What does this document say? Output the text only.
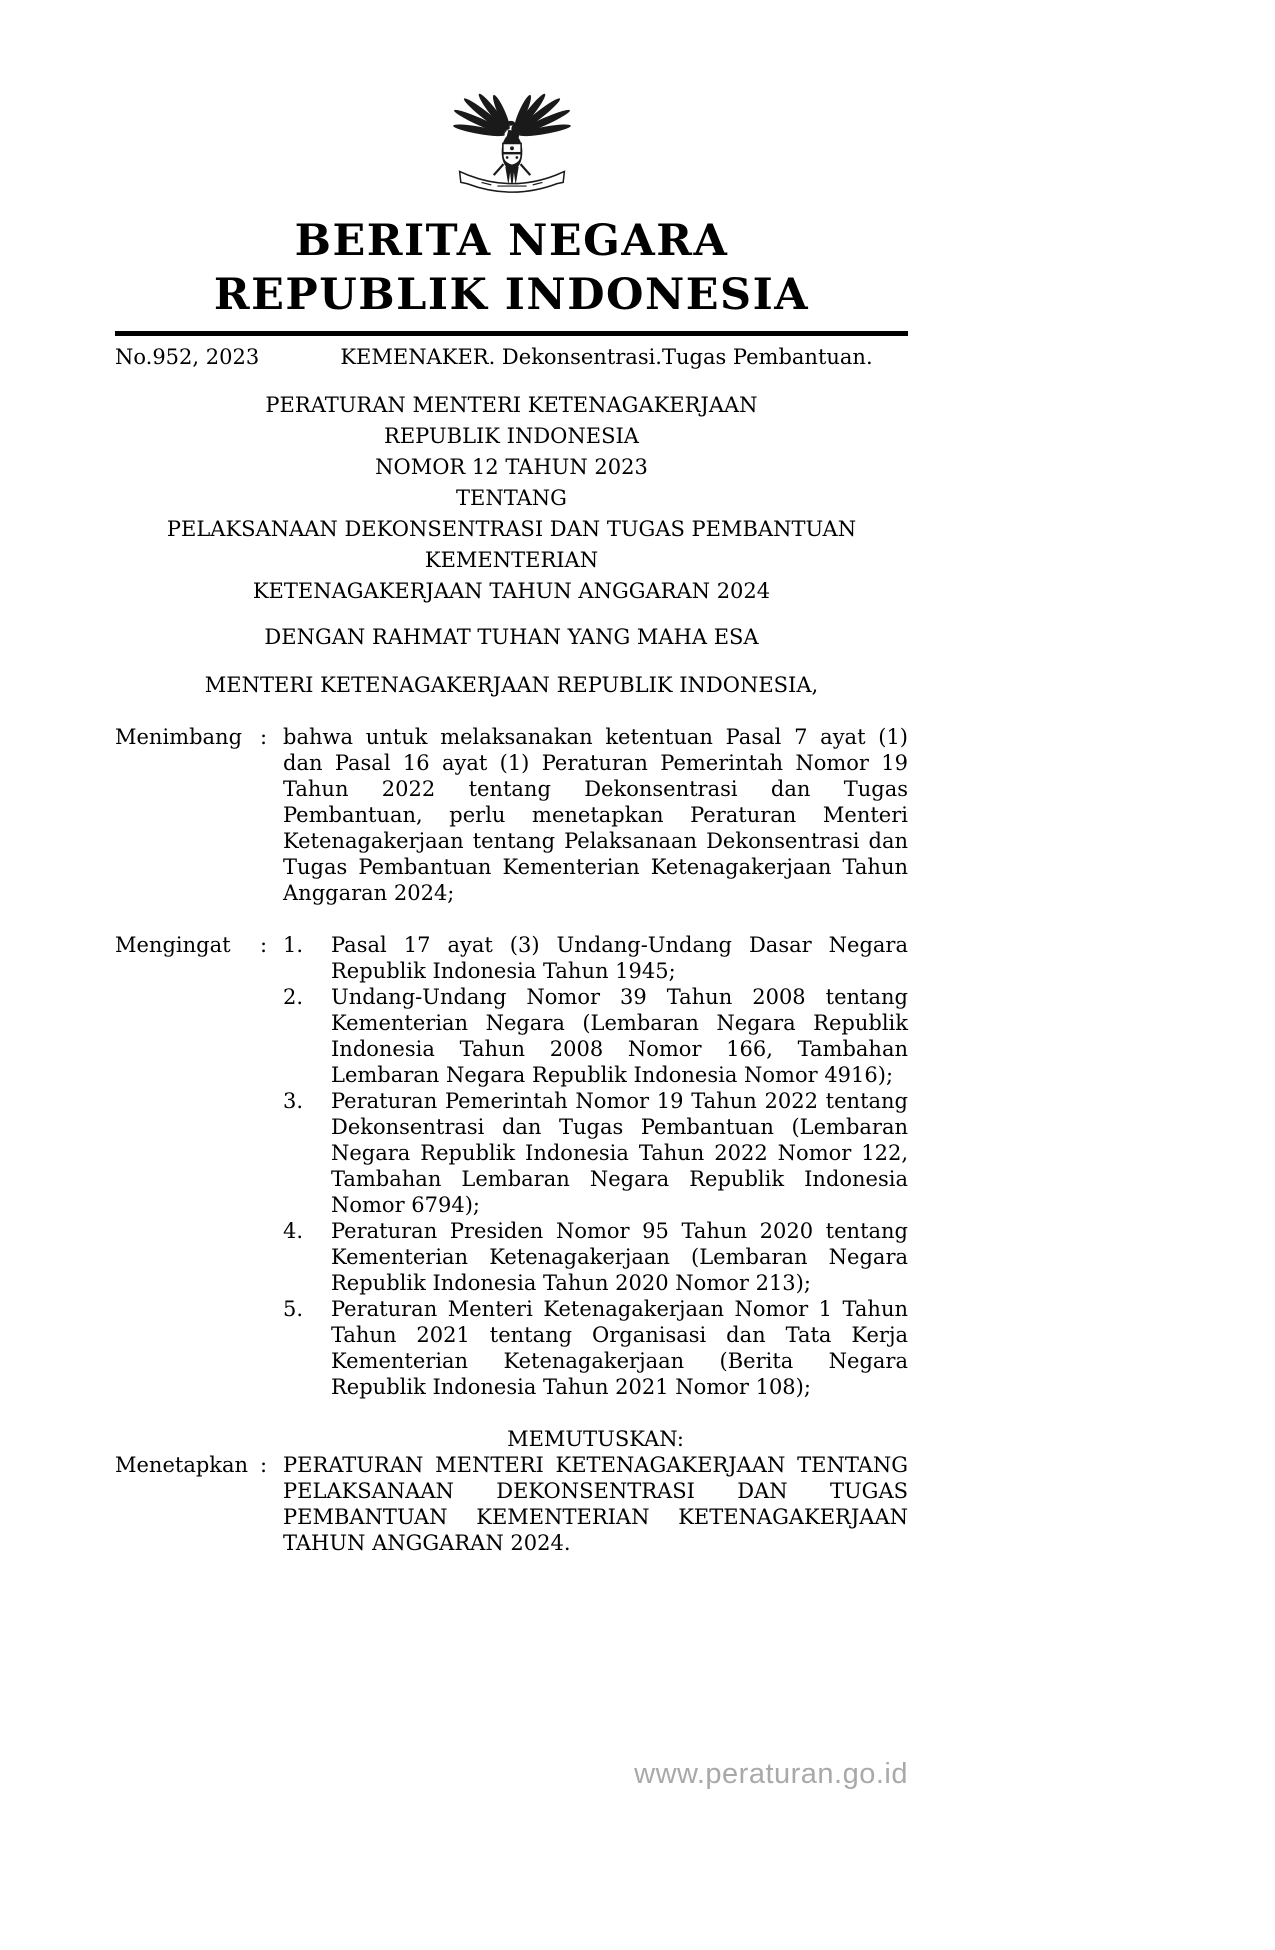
BERITA NEGARA
REPUBLIK INDONESIA
No.952, 2023	KEMENAKER. Dekonsentrasi.Tugas Pembantuan.
PERATURAN MENTERI KETENAGAKERJAAN
REPUBLIK INDONESIA
NOMOR 12 TAHUN 2023
TENTANG
PELAKSANAAN DEKONSENTRASI DAN TUGAS PEMBANTUAN KEMENTERIAN
KETENAGAKERJAAN TAHUN ANGGARAN 2024
DENGAN RAHMAT TUHAN YANG MAHA ESA
MENTERI KETENAGAKERJAAN REPUBLIK INDONESIA,
Menimbang : bahwa untuk melaksanakan ketentuan Pasal 7 ayat (1) dan Pasal 16 ayat (1) Peraturan Pemerintah Nomor 19 Tahun 2022 tentang Dekonsentrasi dan Tugas Pembantuan, perlu menetapkan Peraturan Menteri Ketenagakerjaan tentang Pelaksanaan Dekonsentrasi dan Tugas Pembantuan Kementerian Ketenagakerjaan Tahun Anggaran 2024;
Mengingat	: 1.	Pasal 17 ayat (3) Undang-Undang Dasar Negara Republik Indonesia Tahun 1945;
2.	Undang-Undang Nomor 39 Tahun 2008 tentang Kementerian Negara (Lembaran Negara Republik Indonesia Tahun 2008 Nomor 166, Tambahan Lembaran Negara Republik Indonesia Nomor 4916);
3.	Peraturan Pemerintah Nomor 19 Tahun 2022 tentang Dekonsentrasi dan Tugas Pembantuan (Lembaran Negara Republik Indonesia Tahun 2022 Nomor 122, Tambahan Lembaran Negara Republik Indonesia Nomor 6794);
4.	Peraturan Presiden Nomor 95 Tahun 2020 tentang Kementerian Ketenagakerjaan (Lembaran Negara Republik Indonesia Tahun 2020 Nomor 213);
5.	Peraturan Menteri Ketenagakerjaan Nomor 1 Tahun Tahun 2021 tentang Organisasi dan Tata Kerja Kementerian Ketenagakerjaan (Berita Negara Republik Indonesia Tahun 2021 Nomor 108);
MEMUTUSKAN:
Menetapkan : PERATURAN MENTERI KETENAGAKERJAAN TENTANG PELAKSANAAN DEKONSENTRASI DAN TUGAS PEMBANTUAN KEMENTERIAN KETENAGAKERJAAN TAHUN ANGGARAN 2024.
www.peraturan.go.id
